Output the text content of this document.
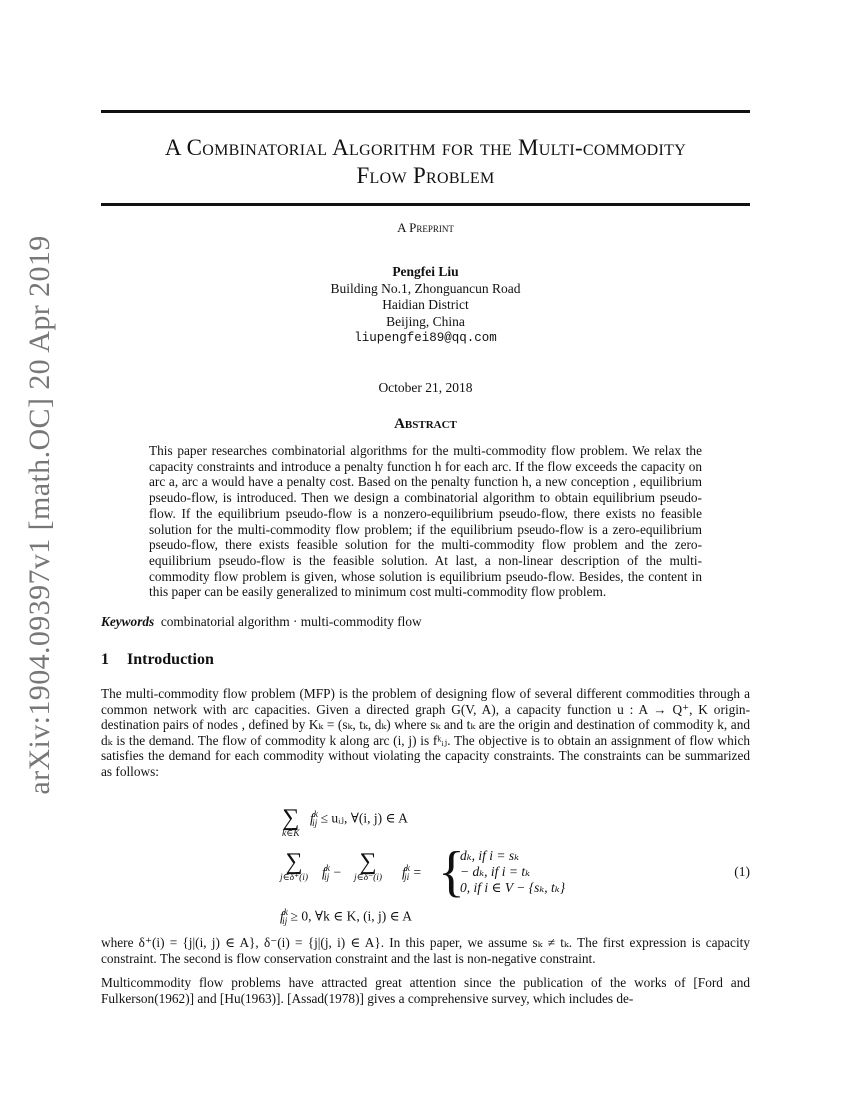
arXiv:1904.09397v1 [math.OC] 20 Apr 2019
A Combinatorial Algorithm for the Multi-commodity
Flow Problem
A Preprint
Pengfei Liu
Building No.1, Zhonguancun Road
Haidian District
Beijing, China
liupengfei89@qq.com
October 21, 2018
Abstract

This paper researches combinatorial algorithms for the multi-commodity flow problem. We relax the capacity constraints and introduce a penalty function h for each arc. If the flow exceeds the capacity on arc a, arc a would have a penalty cost. Based on the penalty function h, a new conception , equilibrium pseudo-flow, is introduced. Then we design a combinatorial algorithm to obtain equilibrium pseudo-flow. If the equilibrium pseudo-flow is a nonzero-equilibrium pseudo-flow, there exists no feasible solution for the multi-commodity flow problem; if the equilibrium pseudo-flow is a zero-equilibrium pseudo-flow, there exists feasible solution for the multi-commodity flow problem and the zero-equilibrium pseudo-flow is the feasible solution. At last, a non-linear description of the multi-commodity flow problem is given, whose solution is equilibrium pseudo-flow. Besides, the content in this paper can be easily generalized to minimum cost multi-commodity flow problem.

Keywords combinatorial algorithm · multi-commodity flow
1 Introduction

The multi-commodity flow problem (MFP) is the problem of designing flow of several different commodities through a common network with arc capacities. Given a directed graph G(V, A), a capacity function u : A → Q⁺, K origin-destination pairs of nodes , defined by Kₖ = (sₖ, tₖ, dₖ) where sₖ and tₖ are the origin and destination of commodity k, and dₖ is the demand. The flow of commodity k along arc (i, j) is fᵏᵢⱼ. The objective is to obtain an assignment of flow which satisfies the demand for each commodity without violating the capacity constraints. The constraints can be summarized as follows:

∑
k∈K
$f^k_{ij}$ ≤ uᵢⱼ, ∀(i, j) ∈ A
∑
j∈δ⁺(i) $f^k_{ij}$ − ∑
j∈δ⁻(i) $f^k_{ji}$ = {
dₖ, if i = sₖ
− dₖ, if i = tₖ
0, if i ∈ V − {sₖ, tₖ}
$f^k_{ij} \ge 0$, ∀k ∈ K, (i, j) ∈ A
(1)

where δ⁺(i) = {j|(i, j) ∈ A}, δ⁻(i) = {j|(j, i) ∈ A}. In this paper, we assume sₖ ≠ tₖ. The first expression is capacity constraint. The second is flow conservation constraint and the last is non-negative constraint.

Multicommodity flow problems have attracted great attention since the publication of the works of [Ford and Fulkerson(1962)] and [Hu(1963)]. [Assad(1978)] gives a comprehensive survey, which includes de-
